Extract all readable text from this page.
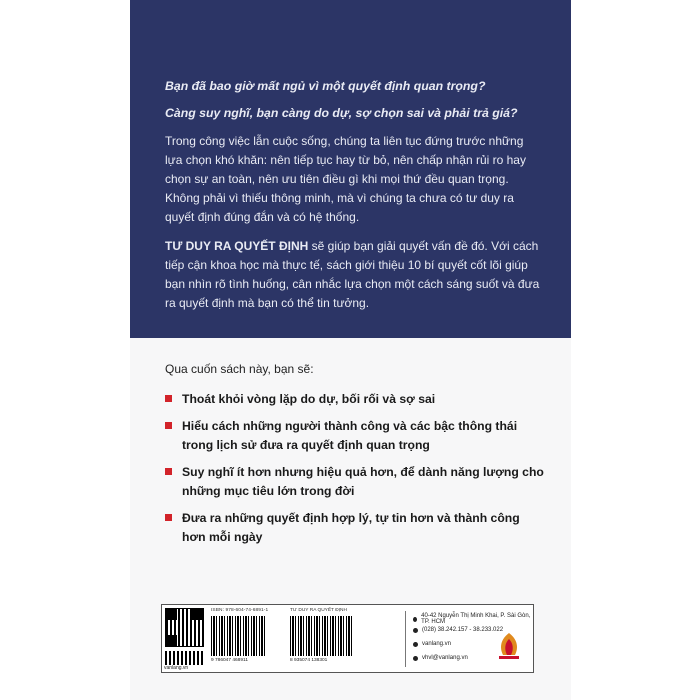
Bạn đã bao giờ mất ngủ vì một quyết định quan trọng?

Càng suy nghĩ, bạn càng do dự, sợ chọn sai và phải trả giá?

Trong công việc lẫn cuộc sống, chúng ta liên tục đứng trước những lựa chọn khó khăn: nên tiếp tục hay từ bỏ, nên chấp nhận rủi ro hay chọn sự an toàn, nên ưu tiên điều gì khi mọi thứ đều quan trọng. Không phải vì thiếu thông minh, mà vì chúng ta chưa có tư duy ra quyết định đúng đắn và có hệ thống.

TƯ DUY RA QUYẾT ĐỊNH sẽ giúp bạn giải quyết vấn đề đó. Với cách tiếp cận khoa học mà thực tế, sách giới thiệu 10 bí quyết cốt lõi giúp bạn nhìn rõ tình huống, cân nhắc lựa chọn một cách sáng suốt và đưa ra quyết định mà bạn có thể tin tưởng.

Qua cuốn sách này, bạn sẽ:

Thoát khỏi vòng lặp do dự, bối rối và sợ sai
Hiểu cách những người thành công và các bậc thông thái trong lịch sử đưa ra quyết định quan trọng
Suy nghĩ ít hơn nhưng hiệu quả hơn, để dành năng lượng cho những mục tiêu lớn trong đời
Đưa ra những quyết định hợp lý, tự tin hơn và thành công hơn mỗi ngày
vanlang.vn
ISBN: 978-604-74-6891-1
9 786047 468911
TƯ DUY RA QUYẾT ĐỊNH
8 935074 138301
40-42 Nguyễn Thị Minh Khai, P. Sài Gòn, TP. HCM
(028) 38.242.157 - 38.233.022
vanlang.vn
vhvl@vanlang.vn
